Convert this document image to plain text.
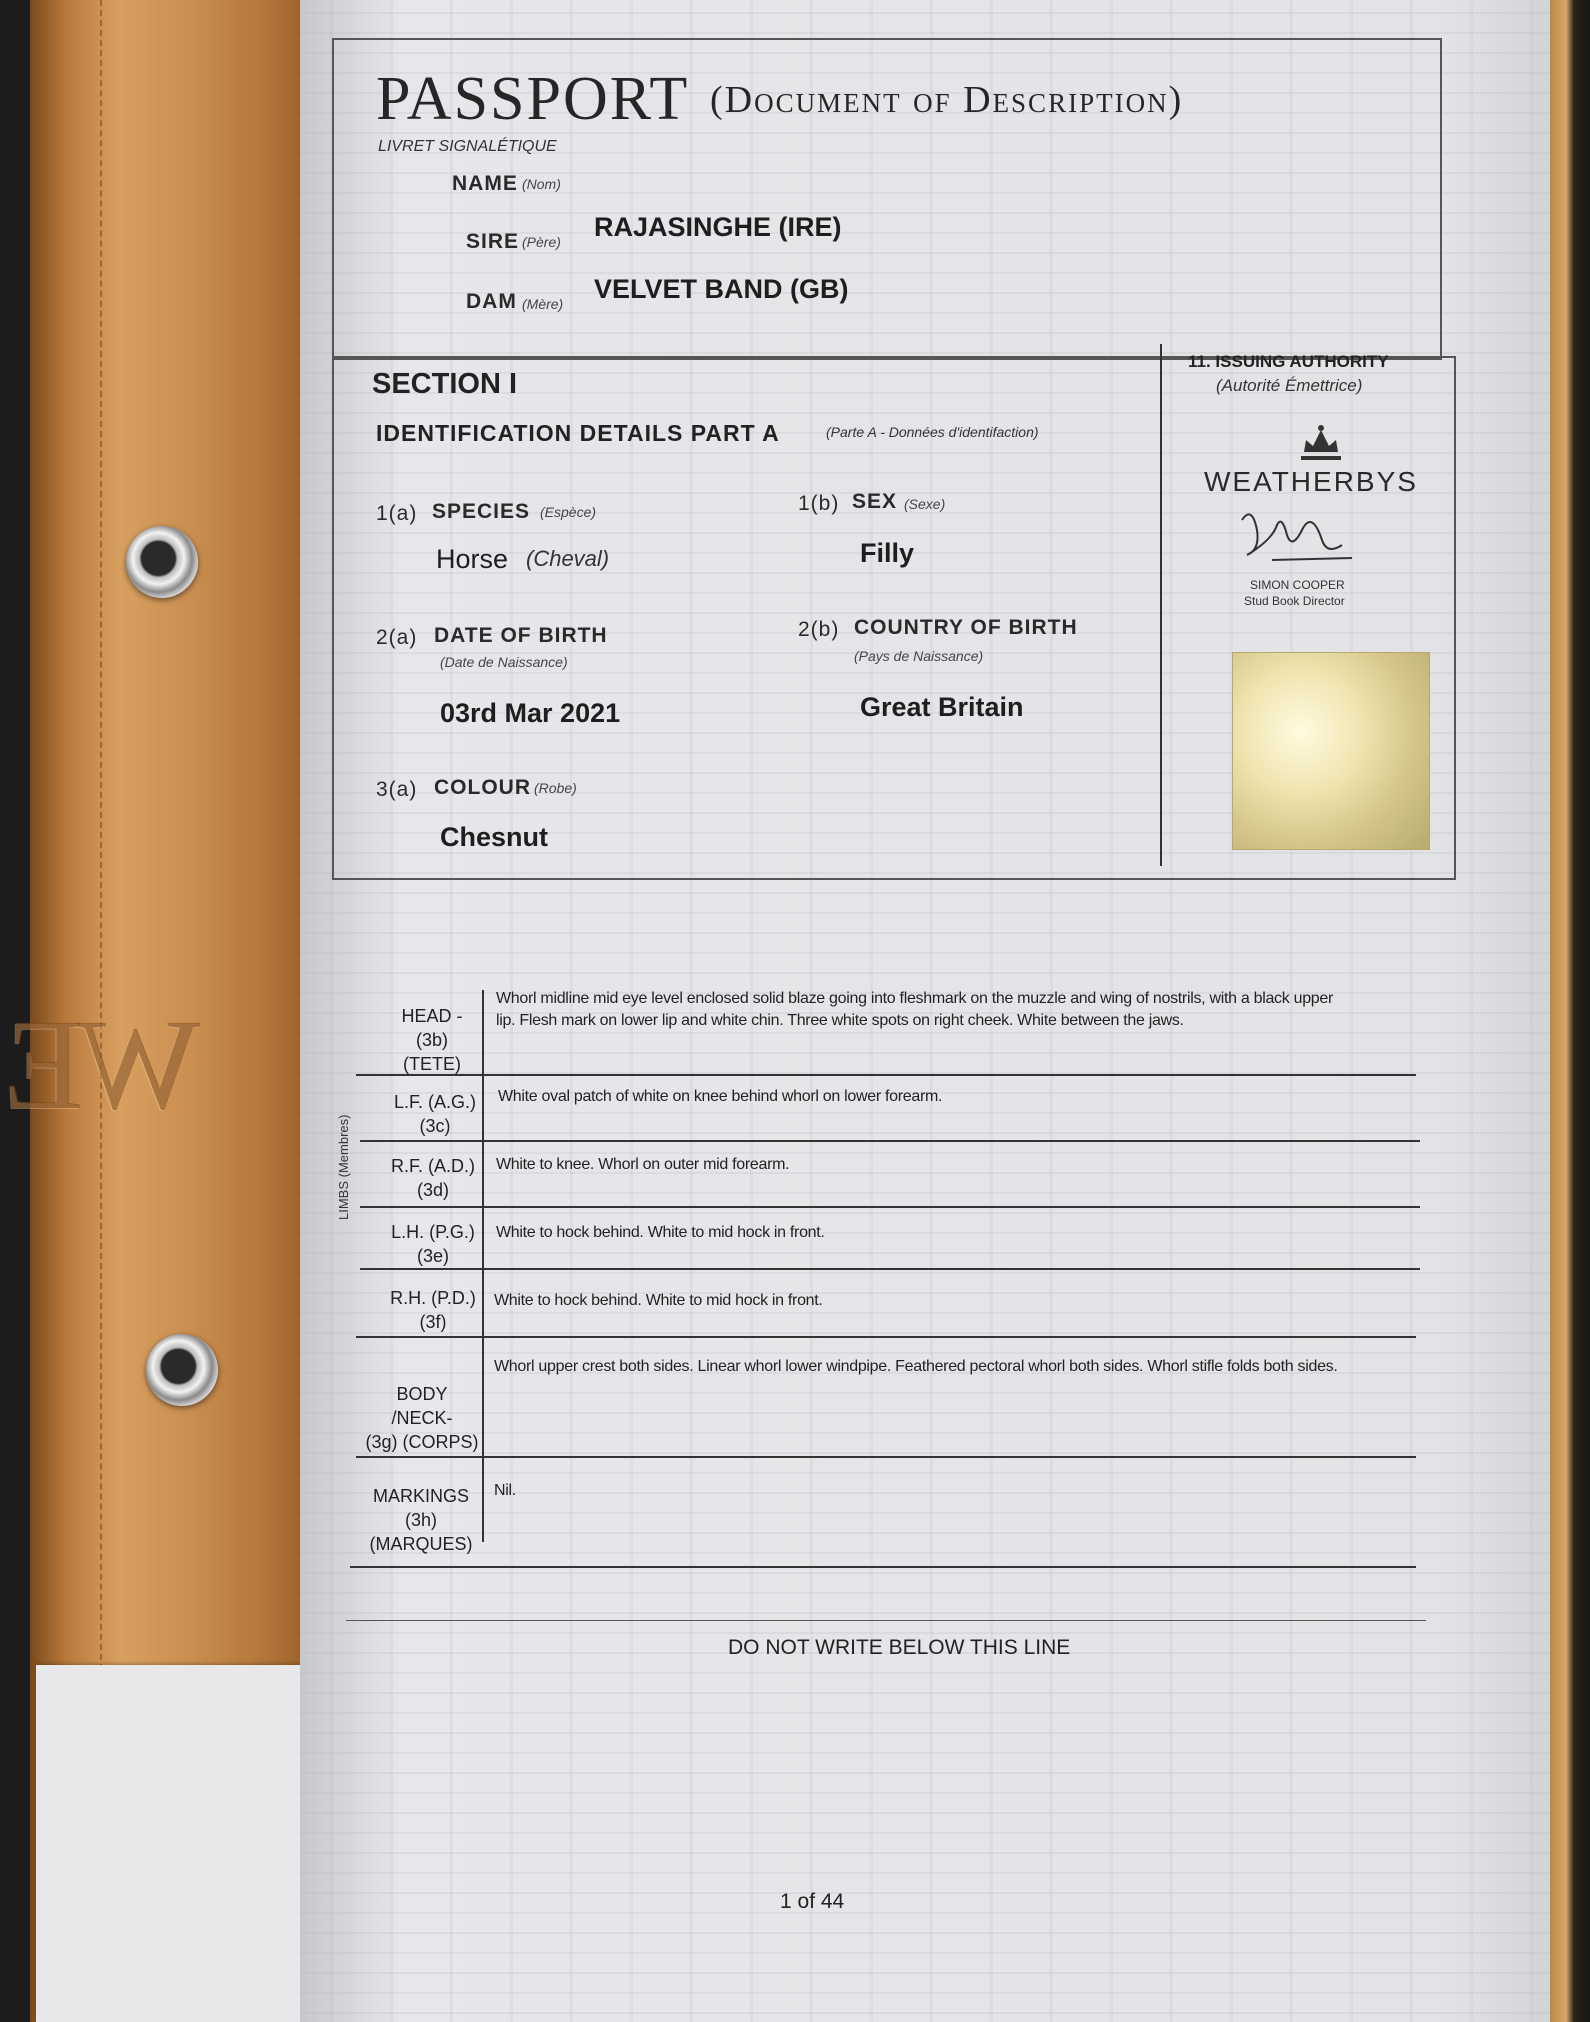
WE
PASSPORT (Document of Description)
LIVRET SIGNALÉTIQUE
NAME (Nom)
SIRE (Père) RAJASINGHE (IRE)
DAM (Mère) VELVET BAND (GB)
SECTION I
IDENTIFICATION DETAILS PART A	(Parte A - Données d'identifaction)
1(a) SPECIES (Espèce)
Horse (Cheval)
1(b) SEX (Sexe)
Filly
2(a) DATE OF BIRTH
(Date de Naissance)
03rd Mar 2021
2(b) COUNTRY OF BIRTH
(Pays de Naissance)
Great Britain
3(a) COLOUR (Robe)
Chesnut
11. ISSUING AUTHORITY
(Autorité Émettrice)
WEATHERBYS
SIMON COOPER
Stud Book Director
HEAD - (3b)
(TETE)
Whorl midline mid eye level enclosed solid blaze going into fleshmark on the muzzle and wing of nostrils, with a black upper lip. Flesh mark on lower lip and white chin. Three white spots on right cheek. White between the jaws.
LIMBS (Membres)
L.F. (A.G.)
(3c)
White oval patch of white on knee behind whorl on lower forearm.
R.F. (A.D.)
(3d)
White to knee. Whorl on outer mid forearm.
L.H. (P.G.)
(3e)
White to hock behind. White to mid hock in front.
R.H. (P.D.)
(3f)
White to hock behind. White to mid hock in front.
BODY /NECK-
(3g) (CORPS)
Whorl upper crest both sides. Linear whorl lower windpipe. Feathered pectoral whorl both sides. Whorl stifle folds both sides.
MARKINGS (3h)
(MARQUES)
Nil.
DO NOT WRITE BELOW THIS LINE
1 of 44
